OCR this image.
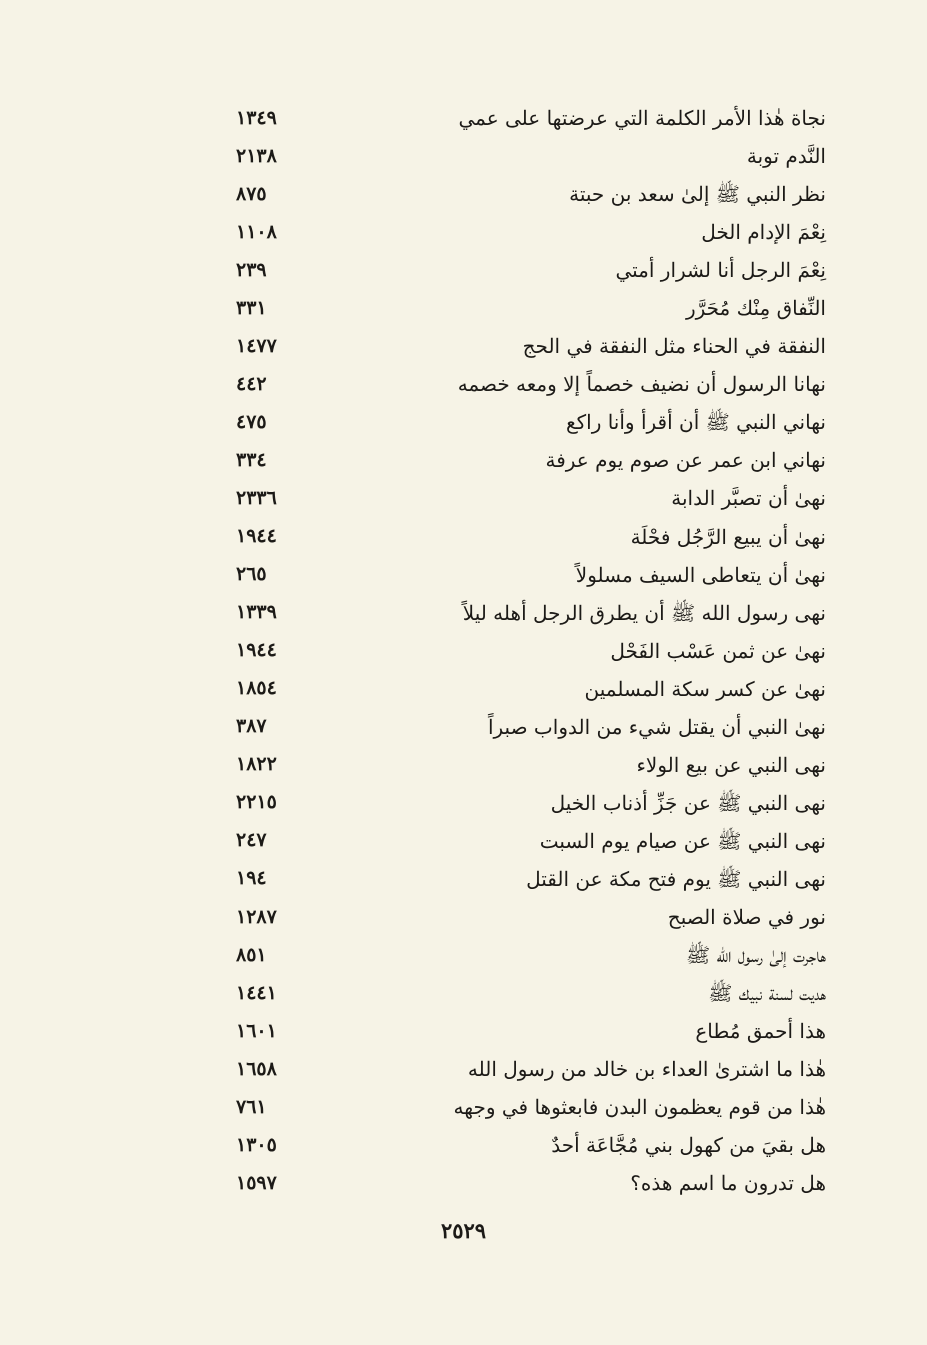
نجاة هٰذا الأمر الكلمة التي عرضتها على عمي
١٣٤٩
النَّدم توبة
٢١٣٨
نظر النبي ﷺ إلىٰ سعد بن حبتة
٨٧٥
نِعْمَ الإدام الخل
١١٠٨
نِعْمَ الرجل أنا لشرار أمتي
٢٣٩
النِّفاق مِنْك مُحَرَّر
٣٣١
النفقة في الحناء مثل النفقة في الحج
١٤٧٧
نهانا الرسول أن نضيف خصماً إلا ومعه خصمه
٤٤٢
نهاني النبي ﷺ أن أقرأ وأنا راكع
٤٧٥
نهاني ابن عمر عن صوم يوم عرفة
٣٣٤
نهىٰ أن تصبَّر الدابة
٢٣٣٦
نهىٰ أن يبيع الرَّجُل فحْلَة
١٩٤٤
نهىٰ أن يتعاطى السيف مسلولاً
٢٦٥
نهى رسول الله ﷺ أن يطرق الرجل أهله ليلاً
١٣٣٩
نهىٰ عن ثمن عَسْب الفَحْل
١٩٤٤
نهىٰ عن كسر سكة المسلمين
١٨٥٤
نهىٰ النبي أن يقتل شيء من الدواب صبراً
٣٨٧
نهى النبي عن بيع الولاء
١٨٢٢
نهى النبي ﷺ عن جَزِّ أذناب الخيل
٢٢١٥
نهى النبي ﷺ عن صيام يوم السبت
٢٤٧
نهى النبي ﷺ يوم فتح مكة عن القتل
١٩٤
نور في صلاة الصبح
١٢٨٧
هاجرت إلىٰ رسول الله ﷺ
٨٥١
هديت لسنة نبيك ﷺ
١٤٤١
هذا أحمق مُطاع
١٦٠١
هٰذا ما اشترىٰ العداء بن خالد من رسول الله
١٦٥٨
هٰذا من قوم يعظمون البدن فابعثوها في وجهه
٧٦١
هل بقيَ من كهول بني مُجَّاعَة أحدٌ
١٣٠٥
هل تدرون ما اسم هذه؟
١٥٩٧
٢٥٢٩
